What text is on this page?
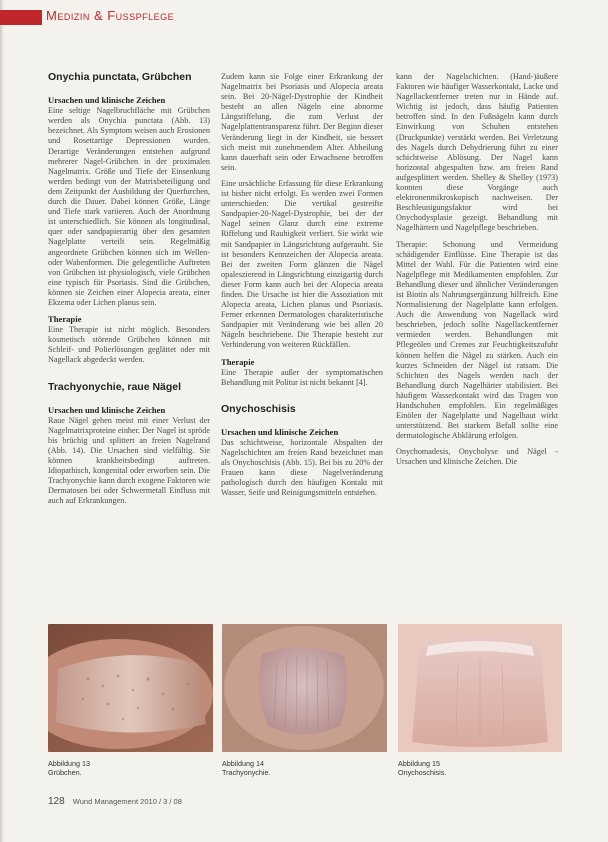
Medizin & Fusspflege
Onychia punctata, Grübchen
Ursachen und klinische Zeichen

Eine seltige Nagelbruchfläche mit Grübchen werden als Onychia punctata (Abb. 13) bezeichnet. Als Symptom weisen auch Erosionen und Rosettartige Depressionen wurden. Derartige Veränderungen entstehen aufgrund mehrerer Nagel-Grübchen in der proximalen Nagelmatrix. Größe und Tiefe der Einsenkung werden bedingt von der Matrixbeteiligung und dem Zeitpunkt der Ausbildung der Querfurchen, durch die Dauer. Dabei können Größe, Länge und Tiefe stark variieren. Auch der Anordnung ist unterschiedlich. Sie können als longitudinal, quer oder sandpapierartig über den gesamten Nagelplatte verteilt sein. Regelmäßig angeordnete Grübchen können sich im Wellen- oder Wabenformen. Die gelegentliche Auftreten von Grübchen ist physiologisch, viele Grübchen eine typisch für Psoriasis. Sind die Grübchen, können sie Zeichen einer Alopecia areata, einer Ekzema oder Lichen planus sein.

Therapie

Eine Therapie ist nicht möglich. Besonders kosmetisch störende Grübchen können mit Schleif- und Polierlösungen geglättet oder mit Nagellack abgedeckt werden.

Trachyonychie, raue Nägel
Ursachen und klinische Zeichen

Raue Nägel gehen meist mit einer Verlust der Nagelmatrixproteine einher. Der Nagel ist spröde bis brüchig und splittert an freien Nagelrand (Abb. 14). Die Ursachen sind vielfältig. Sie können krankheitsbedingt auftreten. Idiopathisch, kongenital oder erworben sein. Die Trachyonychie kann durch exogene Faktoren wie Dermatosen bei oder Schwermetall Einfluss mit auch auf Erkrankungen.

Zudem kann sie Folge einer Erkrankung der Nagelmatrix bei Psoriasis und Alopecia areata sein. Bei 20-Nägel-Dystrophie der Kindheit besteht an allen Nägeln eine abnorme Längsriffelung, die zum Verlust der Nagelplattentransparenz führt. Der Beginn dieser Veränderung liegt in der Kindheit, sie bessert sich meist mit zunehmendem Alter. Abheilung kann dauerhaft sein oder Erwachsene betroffen sein.

Eine ursächliche Erfassung für diese Erkrankung ist bisher nicht erfolgt. Es werden zwei Formen unterschieden: Die vertikal gestreifte Sandpapier-20-Nagel-Dystrophie, bei der der Nagel seinen Glanz durch eine extreme Riffelung und Rauhigkeit verliert. Sie wirkt wie mit Sandpapier in Längsrichtung aufgerauht. Sie ist besonders Kennzeichen der Alopecia areata. Bei der zweiten Form glänzen die Nägel opaleszierend in Längsrichtung einzigartig durch dieser Form kann auch bei der Alopecia areata finden. Die Ursache ist hier die Assoziation mit Alopecia areata, Lichen planus und Psoriasis. Ferner erkennen Dermatologen charakteristische Sandpapier mit Veränderung wie bei allen 20 Nägeln beschriebene. Die Therapie besteht zur Verhinderung von weiteren Rückfällen.

Therapie

Eine Therapie außer der symptomatischen Behandlung mit Politur ist nicht bekannt [4].

Onychoschisis
Ursachen und klinische Zeichen

Das schichtweise, horizontale Abspalten der Nagelschichten am freien Rand bezeichnet man als Onychoschisis (Abb. 15). Bei bis zu 20% der Frauen kann diese Nagelveränderung pathologisch durch den häufigen Kontakt mit Wasser, Seife und Reinigungsmitteln entstehen.

kann der Nagelschichten. (Hand-)äußere Faktoren wie häufiger Wasserkontakt, Lacke und Nagellackentferner treten nur in Hände auf. Wichtig ist jedoch, dass häufig Patienten betroffen sind. In den Fußnägeln kann durch Einwirkung von Schuhen entstehen (Druckpunkte) verstärkt werden. Bei Verletzung des Nagels durch Dehydrierung führt zu einer schichtweise Ablösung. Der Nagel kann horizontal abgespalten bzw. am freien Rand aufgesplittert werden. Shelley & Shelley (1973) konnten diese Vorgänge auch elektronenmikroskopisch nachweisen. Der Beschleunigungsfaktor wird bei Onychodysplasie gezeigt. Behandlung mit Nagelhärtern und Nagelpflege beschrieben.

Therapie: Schonung und Vermeidung schädigender Einflüsse. Eine Therapie ist das Mittel der Wahl. Für die Patienten wird eine Nagelpflege mit Medikamenten empfohlen. Zur Behandlung dieser und ähnlicher Veränderungen ist Biotin als Nahrungsergänzung hilfreich. Eine Normalisierung der Nagelplatte kann erfolgen. Auch die Anwendung von Nagellack wird beschrieben, jedoch sollte Nagellackentferner vermieden werden. Behandlungen mit Pflegeölen und Cremes zur Feuchtigkeitszufuhr können helfen die Nägel zu stärken. Auch ein kurzes Schneiden der Nägel ist ratsam. Die Schichten des Nagels werden nach der Behandlung durch Nagelhärter stabilisiert. Bei häufigem Wasserkontakt wird das Tragen von Handschuhen empfohlen. Ein regelmäßiges Einölen der Nagelplatte und Nagelhaut wirkt unterstützend. Bei starkem Befall sollte eine dermatologische Abklärung erfolgen.

Onychomadesis, Onycholyse und Nägel - Ursachen und klinische Zeichen. Die

Abbildung 13
Grübchen.
Abbildung 14
Trachyonychie.
Abbildung 15
Onychoschisis.
128 Wund Management 2010 / 3 / 08
